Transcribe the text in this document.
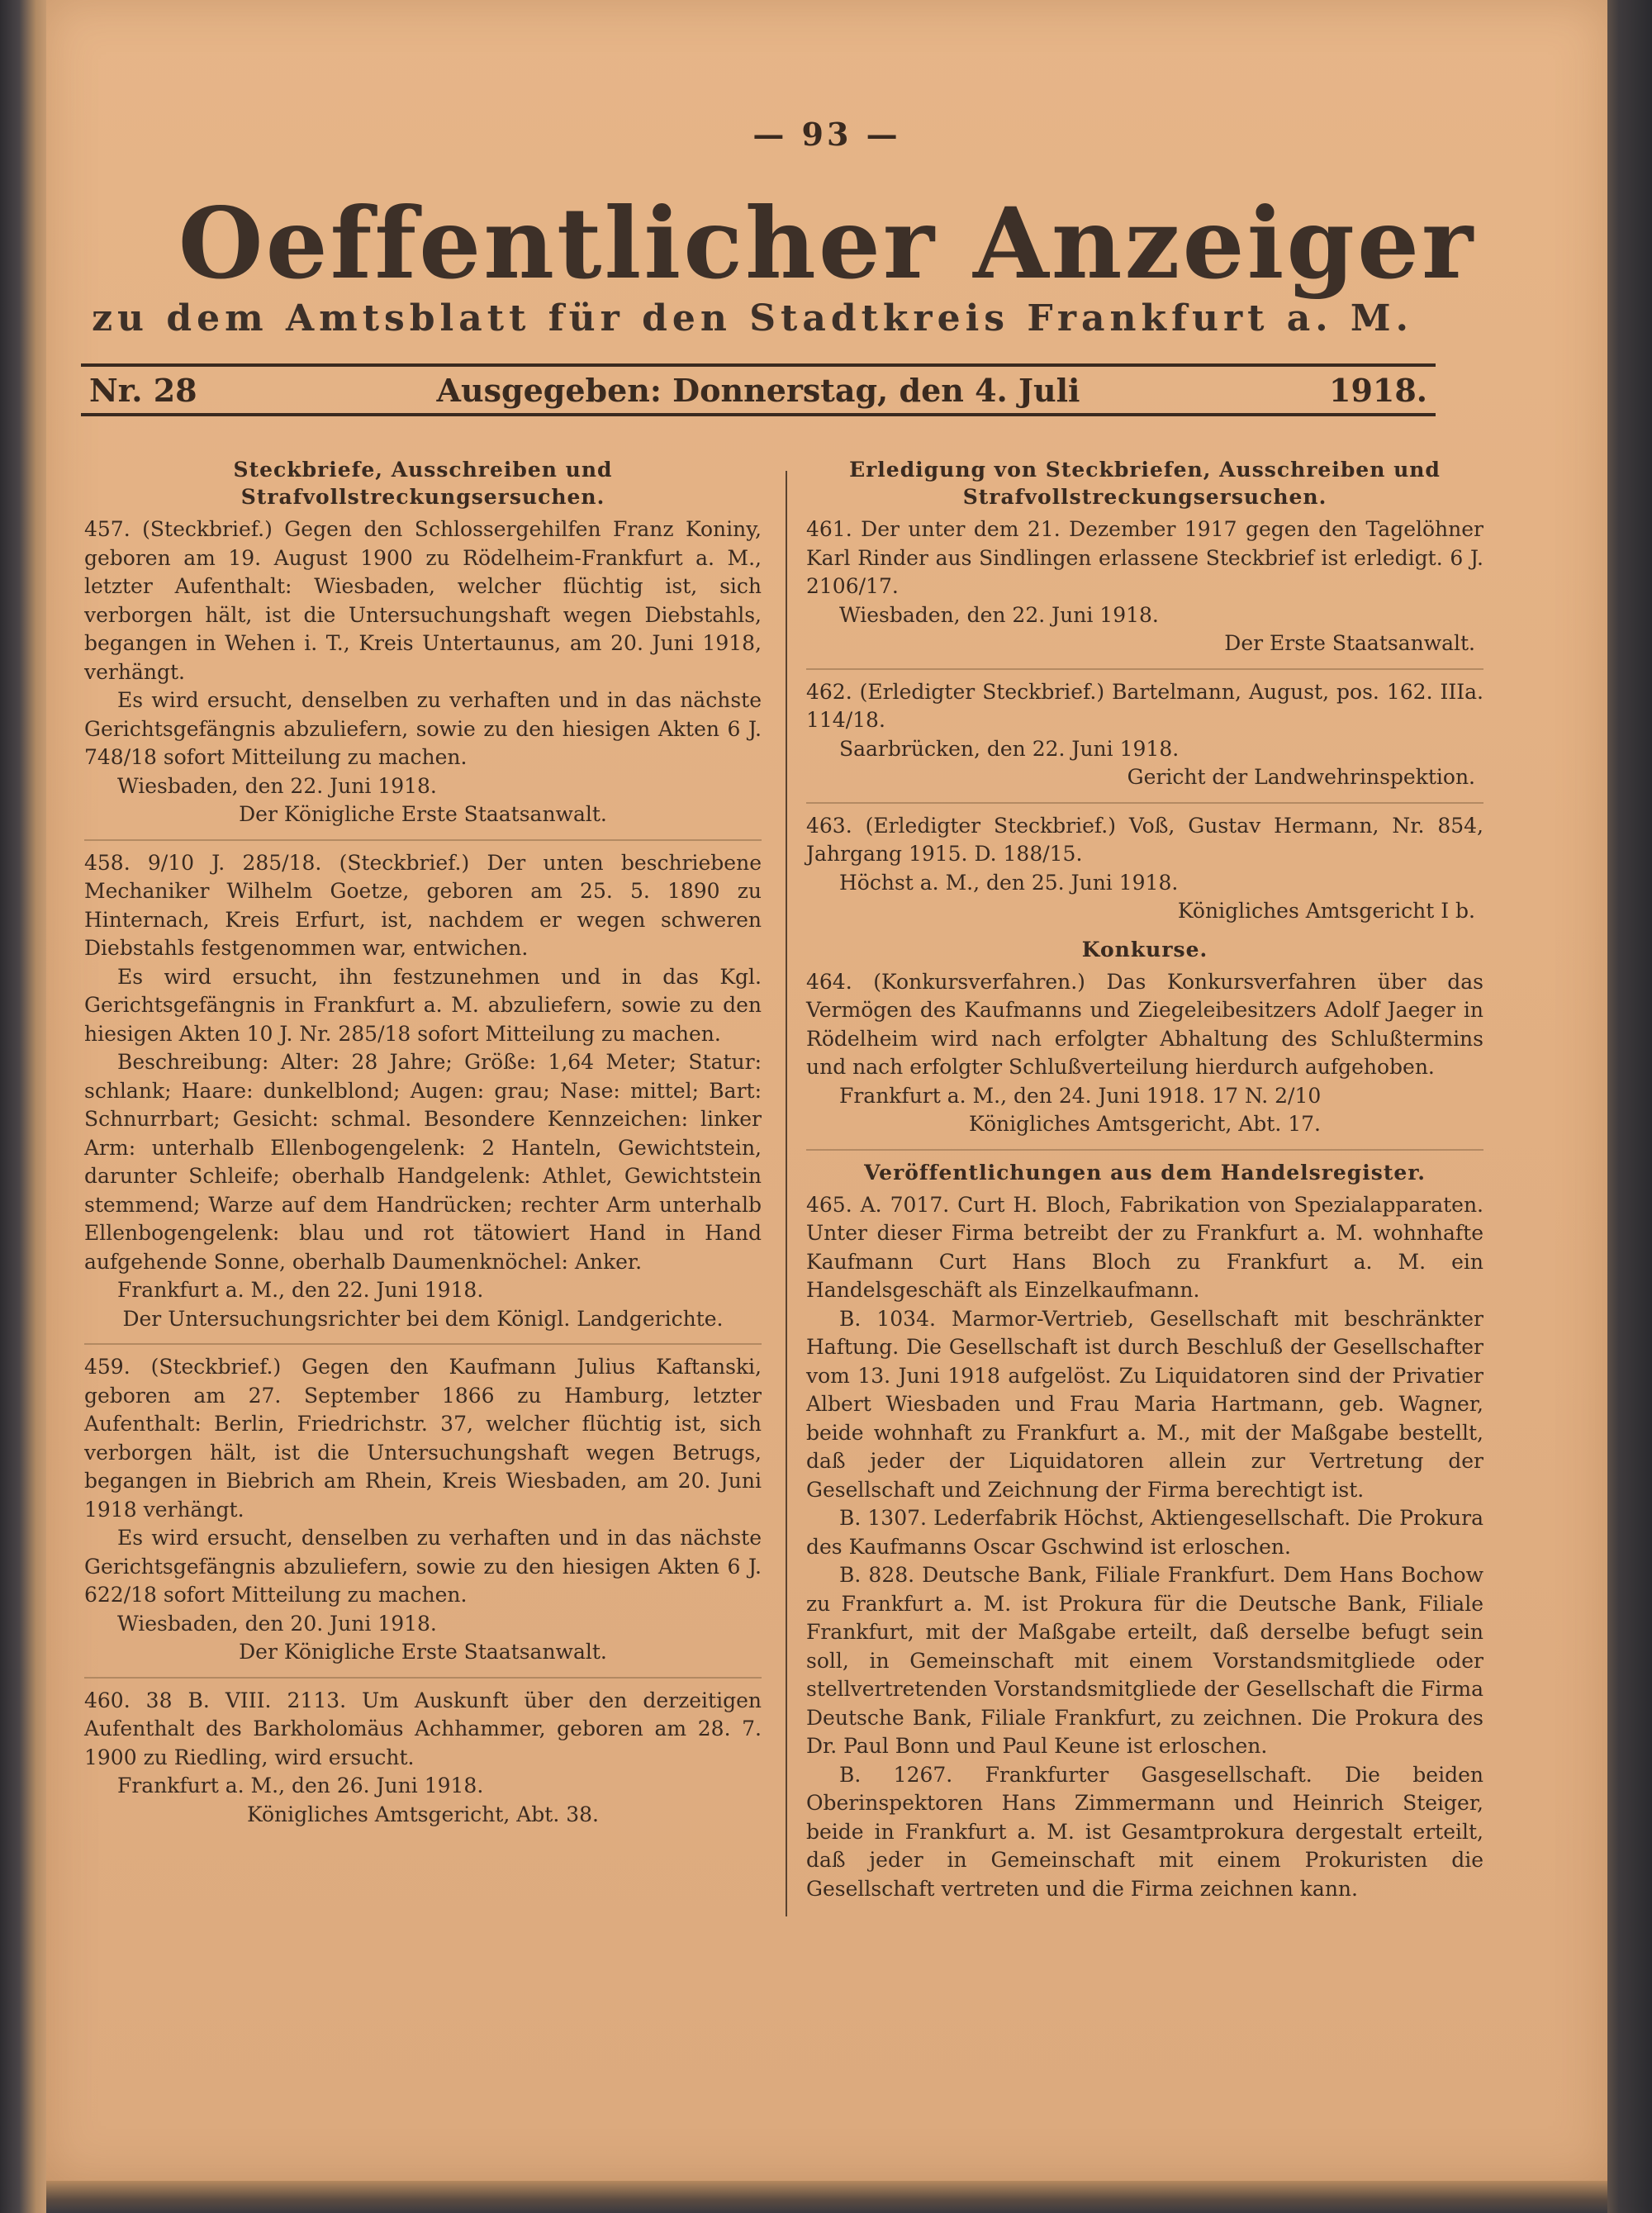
— 93 —
Oeffentlicher Anzeiger
zu dem Amtsblatt für den Stadtkreis Frankfurt a. M.
Nr. 28	Ausgegeben: Donnerstag, den 4. Juli	1918.
Steckbriefe, Ausschreiben und Strafvollstreckungsersuchen.

457. (Steckbrief.) Gegen den Schlossergehilfen Franz Koniny, geboren am 19. August 1900 zu Rödelheim-Frankfurt a. M., letzter Aufenthalt: Wiesbaden, welcher flüchtig ist, sich verborgen hält, ist die Untersuchungshaft wegen Diebstahls, begangen in Wehen i. T., Kreis Untertaunus, am 20. Juni 1918, verhängt.

Es wird ersucht, denselben zu verhaften und in das nächste Gerichtsgefängnis abzuliefern, sowie zu den hiesigen Akten 6 J. 748/18 sofort Mitteilung zu machen.

Wiesbaden, den 22. Juni 1918.

Der Königliche Erste Staatsanwalt.

458. 9/10 J. 285/18. (Steckbrief.) Der unten beschriebene Mechaniker Wilhelm Goetze, geboren am 25. 5. 1890 zu Hinternach, Kreis Erfurt, ist, nachdem er wegen schweren Diebstahls festgenommen war, entwichen.

Es wird ersucht, ihn festzunehmen und in das Kgl. Gerichtsgefängnis in Frankfurt a. M. abzuliefern, sowie zu den hiesigen Akten 10 J. Nr. 285/18 sofort Mitteilung zu machen.

Beschreibung: Alter: 28 Jahre; Größe: 1,64 Meter; Statur: schlank; Haare: dunkelblond; Augen: grau; Nase: mittel; Bart: Schnurrbart; Gesicht: schmal. Besondere Kennzeichen: linker Arm: unterhalb Ellenbogengelenk: 2 Hanteln, Gewichtstein, darunter Schleife; oberhalb Handgelenk: Athlet, Gewichtstein stemmend; Warze auf dem Handrücken; rechter Arm unterhalb Ellenbogengelenk: blau und rot tätowiert Hand in Hand aufgehende Sonne, oberhalb Daumenknöchel: Anker.

Frankfurt a. M., den 22. Juni 1918.

Der Untersuchungsrichter bei dem Königl. Landgerichte.

459. (Steckbrief.) Gegen den Kaufmann Julius Kaftanski, geboren am 27. September 1866 zu Hamburg, letzter Aufenthalt: Berlin, Friedrichstr. 37, welcher flüchtig ist, sich verborgen hält, ist die Untersuchungshaft wegen Betrugs, begangen in Biebrich am Rhein, Kreis Wiesbaden, am 20. Juni 1918 verhängt.

Es wird ersucht, denselben zu verhaften und in das nächste Gerichtsgefängnis abzuliefern, sowie zu den hiesigen Akten 6 J. 622/18 sofort Mitteilung zu machen.

Wiesbaden, den 20. Juni 1918.

Der Königliche Erste Staatsanwalt.

460. 38 B. VIII. 2113. Um Auskunft über den derzeitigen Aufenthalt des Barkholomäus Achhammer, geboren am 28. 7. 1900 zu Riedling, wird ersucht.

Frankfurt a. M., den 26. Juni 1918.

Königliches Amtsgericht, Abt. 38.

Erledigung von Steckbriefen, Ausschreiben und Strafvollstreckungsersuchen.

461. Der unter dem 21. Dezember 1917 gegen den Tagelöhner Karl Rinder aus Sindlingen erlassene Steckbrief ist erledigt. 6 J. 2106/17.

Wiesbaden, den 22. Juni 1918.

Der Erste Staatsanwalt.

462. (Erledigter Steckbrief.) Bartelmann, August, pos. 162. IIIa. 114/18.

Saarbrücken, den 22. Juni 1918.

Gericht der Landwehrinspektion.

463. (Erledigter Steckbrief.) Voß, Gustav Hermann, Nr. 854, Jahrgang 1915. D. 188/15.

Höchst a. M., den 25. Juni 1918.

Königliches Amtsgericht I b.

Konkurse.

464. (Konkursverfahren.) Das Konkursverfahren über das Vermögen des Kaufmanns und Ziegeleibesitzers Adolf Jaeger in Rödelheim wird nach erfolgter Abhaltung des Schlußtermins und nach erfolgter Schlußverteilung hierdurch aufgehoben.

Frankfurt a. M., den 24. Juni 1918. 17 N. 2/10

Königliches Amtsgericht, Abt. 17.

Veröffentlichungen aus dem Handelsregister.

465. A. 7017. Curt H. Bloch, Fabrikation von Spezialapparaten. Unter dieser Firma betreibt der zu Frankfurt a. M. wohnhafte Kaufmann Curt Hans Bloch zu Frankfurt a. M. ein Handelsgeschäft als Einzelkaufmann.

B. 1034. Marmor-Vertrieb, Gesellschaft mit beschränkter Haftung. Die Gesellschaft ist durch Beschluß der Gesellschafter vom 13. Juni 1918 aufgelöst. Zu Liquidatoren sind der Privatier Albert Wiesbaden und Frau Maria Hartmann, geb. Wagner, beide wohnhaft zu Frankfurt a. M., mit der Maßgabe bestellt, daß jeder der Liquidatoren allein zur Vertretung der Gesellschaft und Zeichnung der Firma berechtigt ist.

B. 1307. Lederfabrik Höchst, Aktiengesellschaft. Die Prokura des Kaufmanns Oscar Gschwind ist erloschen.

B. 828. Deutsche Bank, Filiale Frankfurt. Dem Hans Bochow zu Frankfurt a. M. ist Prokura für die Deutsche Bank, Filiale Frankfurt, mit der Maßgabe erteilt, daß derselbe befugt sein soll, in Gemeinschaft mit einem Vorstandsmitgliede oder stellvertretenden Vorstandsmitgliede der Gesellschaft die Firma Deutsche Bank, Filiale Frankfurt, zu zeichnen. Die Prokura des Dr. Paul Bonn und Paul Keune ist erloschen.

B. 1267. Frankfurter Gasgesellschaft. Die beiden Oberinspektoren Hans Zimmermann und Heinrich Steiger, beide in Frankfurt a. M. ist Gesamtprokura dergestalt erteilt, daß jeder in Gemeinschaft mit einem Prokuristen die Gesellschaft vertreten und die Firma zeichnen kann.
